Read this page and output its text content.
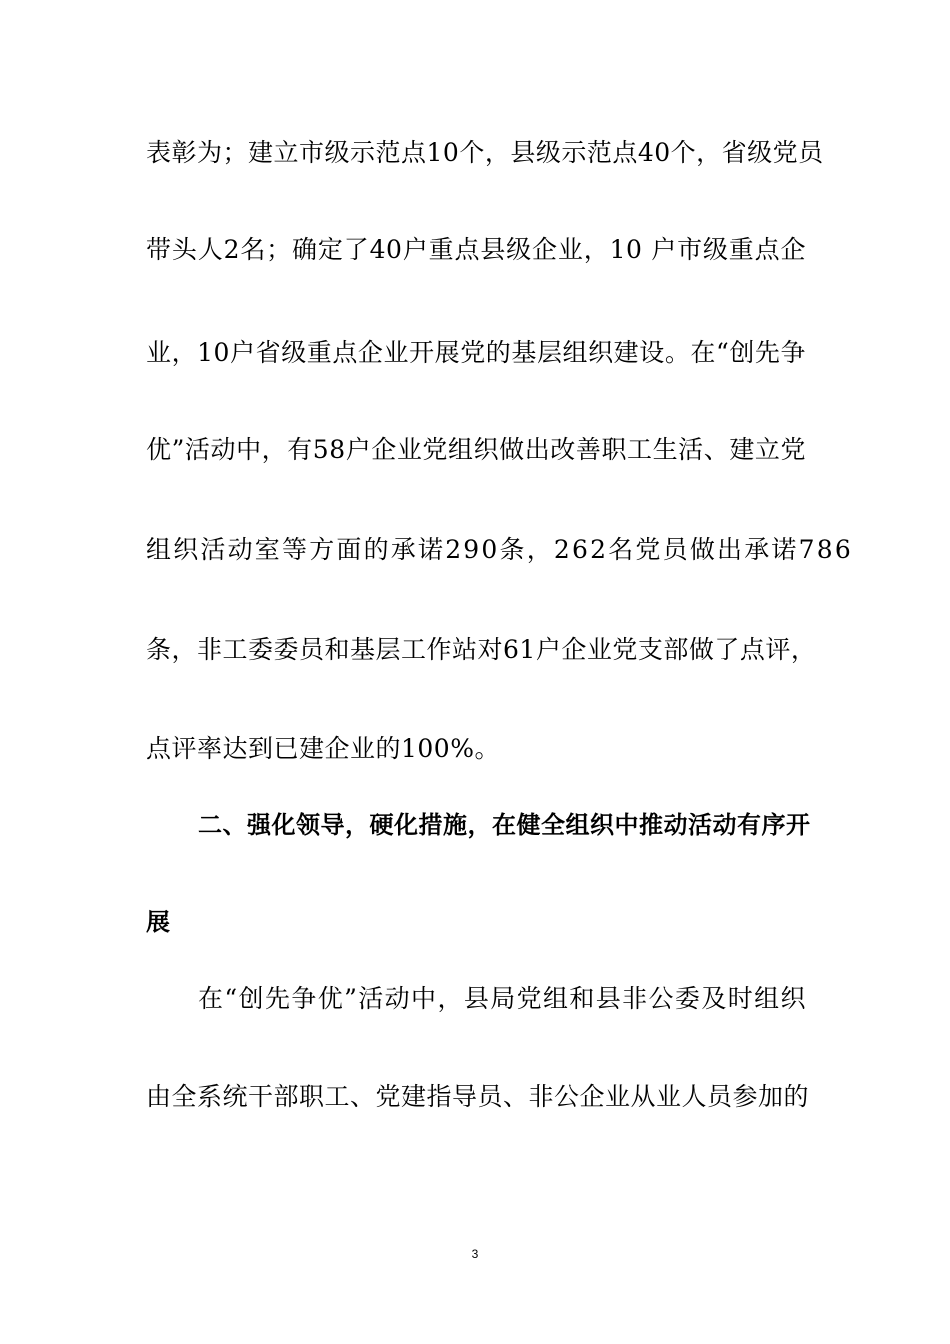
表彰为；建立市级示范点10个，县级示范点40个，省级党员
带头人2名；确定了40户重点县级企业，10 户市级重点企
业，10户省级重点企业开展党的基层组织建设。在“创先争
优”活动中，有58户企业党组织做出改善职工生活、建立党
组织活动室等方面的承诺290条，262名党员做出承诺786
条，非工委委员和基层工作站对61户企业党支部做了点评，
点评率达到已建企业的100%。
二、强化领导，硬化措施，在健全组织中推动活动有序开
展
在“创先争优”活动中，县局党组和县非公委及时组织
由全系统干部职工、党建指导员、非公企业从业人员参加的
3
